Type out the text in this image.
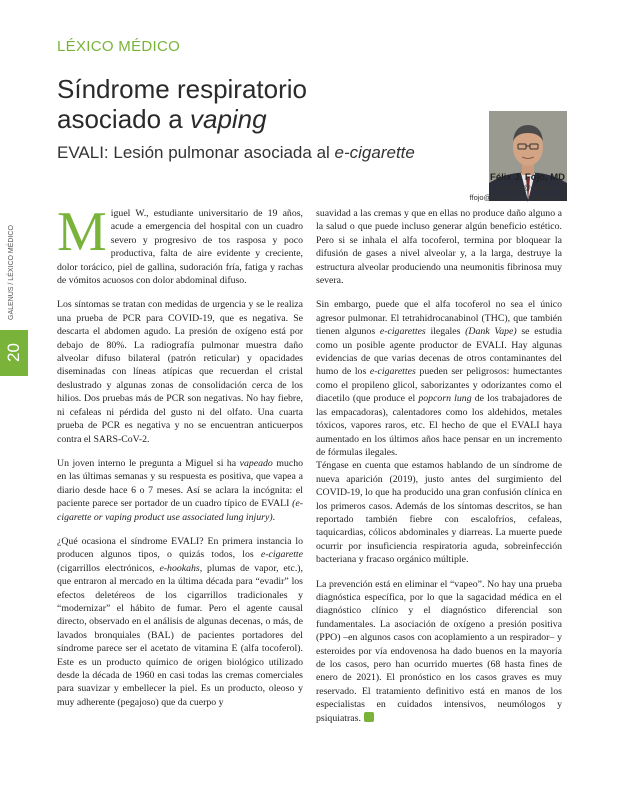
GALENUS / LÉXICO MÉDICO
20
LÉXICO MÉDICO
Síndrome respiratorio
asociado a vaping
EVALI: Lesión pulmonar asociada al e-cigarette
Félix J. Fojo, MD
felixfojo@gmail.com
ffojo@homeorthopedics.com

Miguel W., estudiante universitario de 19 años, acude a emergencia del hospital con un cuadro severo y progresivo de tos rasposa y poco productiva, falta de aire evidente y creciente, dolor torácico, piel de gallina, sudoración fría, fatiga y rachas de vómitos acuosos con dolor abdominal difuso.

Los síntomas se tratan con medidas de urgencia y se le realiza una prueba de PCR para COVID-19, que es negativa. Se descarta el abdomen agudo. La presión de oxígeno está por debajo de 80%. La radiografía pulmonar muestra daño alveolar difuso bilateral (patrón reticular) y opacidades diseminadas con líneas atípicas que recuerdan el cristal deslustrado y algunas zonas de consolidación cerca de los hilios. Dos pruebas más de PCR son negativas. No hay fiebre, ni cefaleas ni pérdida del gusto ni del olfato. Una cuarta prueba de PCR es negativa y no se encuentran anticuerpos contra el SARS-CoV-2.

Un joven interno le pregunta a Miguel si ha vapeado mucho en las últimas semanas y su respuesta es positiva, que vapea a diario desde hace 6 o 7 meses. Así se aclara la incógnita: el paciente parece ser portador de un cuadro típico de EVALI (e-cigarette or vaping product use associated lung injury).

¿Qué ocasiona el síndrome EVALI? En primera instancia lo producen algunos tipos, o quizás todos, los e-cigarette (cigarrillos electrónicos, e-hookahs, plumas de vapor, etc.), que entraron al mercado en la última década para “evadir” los efectos deletéreos de los cigarrillos tradicionales y “modernizar” el hábito de fumar. Pero el agente causal directo, observado en el análisis de algunas decenas, o más, de lavados bronquiales (BAL) de pacientes portadores del síndrome parece ser el acetato de vitamina E (alfa tocoferol). Este es un producto químico de origen biológico utilizado desde la década de 1960 en casi todas las cremas comerciales para suavizar y embellecer la piel. Es un producto, oleoso y muy adherente (pegajoso) que da cuerpo y

suavidad a las cremas y que en ellas no produce daño alguno a la salud o que puede incluso generar algún beneficio estético. Pero si se inhala el alfa tocoferol, termina por bloquear la difusión de gases a nivel alveolar y, a la larga, destruye la estructura alveolar produciendo una neumonitis fibrinosa muy severa.

Sin embargo, puede que el alfa tocoferol no sea el único agresor pulmonar. El tetrahidrocanabinol (THC), que también tienen algunos e-cigarettes ilegales (Dank Vape) se estudia como un posible agente productor de EVALI. Hay algunas evidencias de que varias decenas de otros contaminantes del humo de los e-cigarettes pueden ser peligrosos: humectantes como el propileno glicol, saborizantes y odorizantes como el diacetilo (que produce el popcorn lung de los trabajadores de las empacadoras), calentadores como los aldehidos, metales tóxicos, vapores raros, etc. El hecho de que el EVALI haya aumentado en los últimos años hace pensar en un incremento de fórmulas ilegales.

Téngase en cuenta que estamos hablando de un síndrome de nueva aparición (2019), justo antes del surgimiento del COVID-19, lo que ha producido una gran confusión clínica en los primeros casos. Además de los síntomas descritos, se han reportado también fiebre con escalofríos, cefaleas, taquicardias, cólicos abdominales y diarreas. La muerte puede ocurrir por insuficiencia respiratoria aguda, sobreinfección bacteriana y fracaso orgánico múltiple.

La prevención está en eliminar el “vapeo”. No hay una prueba diagnóstica específica, por lo que la sagacidad médica en el diagnóstico clínico y el diagnóstico diferencial son fundamentales. La asociación de oxígeno a presión positiva (PPO) –en algunos casos con acoplamiento a un respirador– y esteroides por vía endovenosa ha dado buenos en la mayoría de los casos, pero han ocurrido muertes (68 hasta fines de enero de 2021). El pronóstico en los casos graves es muy reservado. El tratamiento definitivo está en manos de los especialistas en cuidados intensivos, neumólogos y psiquiatras.
